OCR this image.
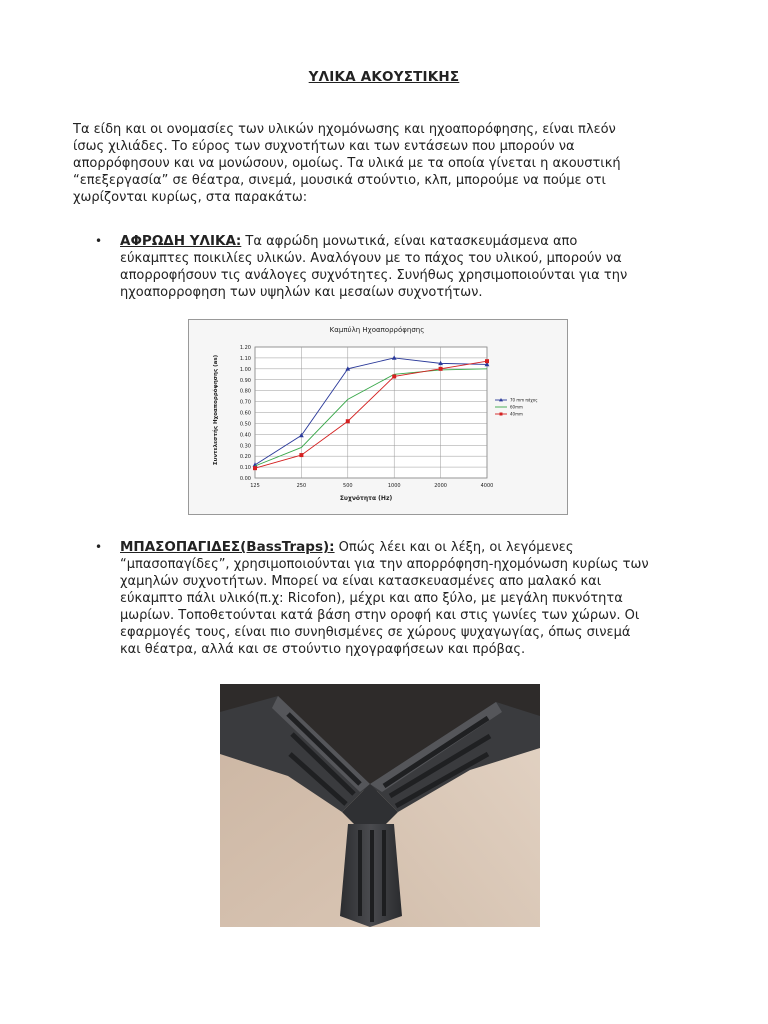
ΥΛΙΚΑ ΑΚΟΥΣΤΙΚΗΣ
Τα είδη και οι ονομασίες των υλικών ηχομόνωσης και ηχοαπορόφησης, είναι πλεόν
ίσως χιλιάδες. Το εύρος των συχνοτήτων και των εντάσεων που μπορούν να
απορρόφησουν και να μονώσουν, ομοίως. Τα υλικά με τα οποία γίνεται η ακουστική
“επεξεργασία” σε θέατρα, σινεμά, μουσικά στούντιο, κλπ, μπορούμε να πούμε οτι
χωρίζονται κυρίως, στα παρακάτω:
• ΑΦΡΩΔΗ ΥΛΙΚΑ: Τα αφρώδη μονωτικά, είναι κατασκευμάσμενα απο
εύκαμπτες ποικιλίες υλικών. Αναλόγουν με το πάχος του υλικού, μπορούν να
απορροφήσουν τις ανάλογες συχνότητες. Συνήθως χρησιμοποιούνται για την
ηχοαπορροφηση των υψηλών και μεσαίων συχνοτήτων.
Καμπύλη Ηχοαπορρόφησης
0.00
0.10
0.20
0.30
0.40
0.50
0.60
0.70
0.80
0.90
1.00
1.10
1.20
125	250	500	1000	2000	4000
70 mm πάχος
60mm
40mm
Συχνότητα (Hz)
Συντελεστής Ηχοαπορρόφησης (as)
• ΜΠΑΣΟΠΑΓΙΔΕΣ(BassTraps): Οπώς λέει και οι λέξη, οι λεγόμενες
“μπασοπαγίδες”, χρησιμοποιούνται για την απορρόφηση-ηχομόνωση κυρίως των
χαμηλών συχνοτήτων. Μπορεί να είναι κατασκευασμένες απο μαλακό και
εύκαμπτο πάλι υλικό(π.χ: Ricofon), μέχρι και απο ξύλο, με μεγάλη πυκνότητα
μωρίων. Τοποθετούνται κατά βάση στην οροφή και στις γωνίες των χώρων. Οι
εφαρμογές τους, είναι πιο συνηθισμένες σε χώρους ψυχαγωγίας, όπως σινεμά
και θέατρα, αλλά και σε στούντιο ηχογραφήσεων και πρόβας.
